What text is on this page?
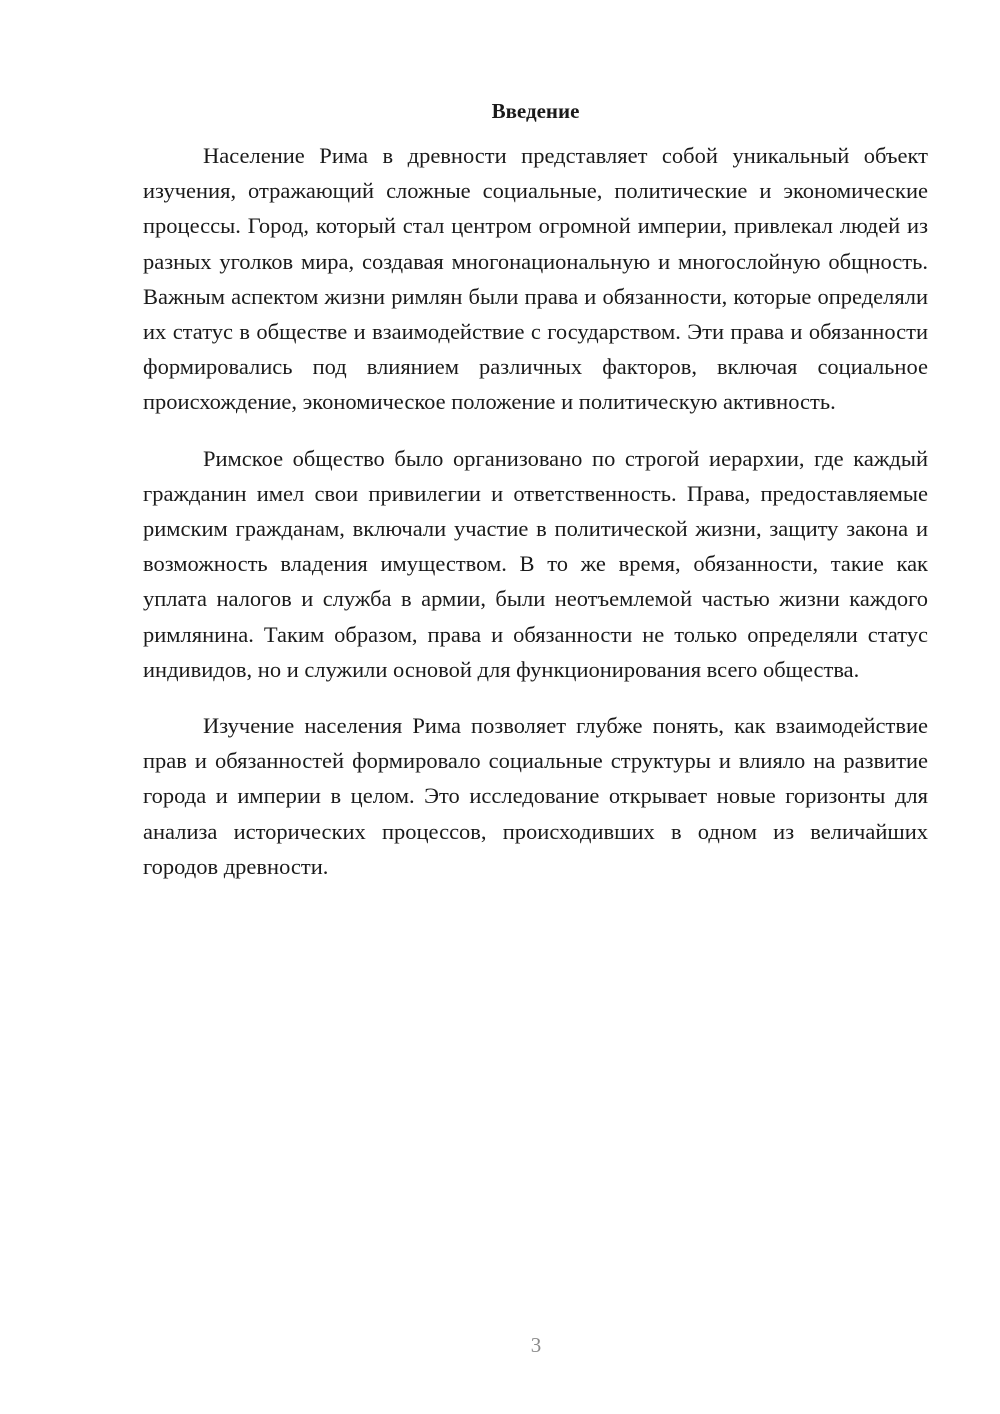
Введение

Население Рима в древности представляет собой уникальный объект изучения, отражающий сложные социальные, политические и экономические процессы. Город, который стал центром огромной империи, привлекал людей из разных уголков мира, создавая многонациональную и многослойную общность. Важным аспектом жизни римлян были права и обязанности, которые определяли их статус в обществе и взаимодействие с государством. Эти права и обязанности формировались под влиянием различных факторов, включая социальное происхождение, экономическое положение и политическую активность.

Римское общество было организовано по строгой иерархии, где каждый гражданин имел свои привилегии и ответственность. Права, предоставляемые римским гражданам, включали участие в политической жизни, защиту закона и возможность владения имуществом. В то же время, обязанности, такие как уплата налогов и служба в армии, были неотъемлемой частью жизни каждого римлянина. Таким образом, права и обязанности не только определяли статус индивидов, но и служили основой для функционирования всего общества.

Изучение населения Рима позволяет глубже понять, как взаимодействие прав и обязанностей формировало социальные структуры и влияло на развитие города и империи в целом. Это исследование открывает новые горизонты для анализа исторических процессов, происходивших в одном из величайших городов древности.

3
